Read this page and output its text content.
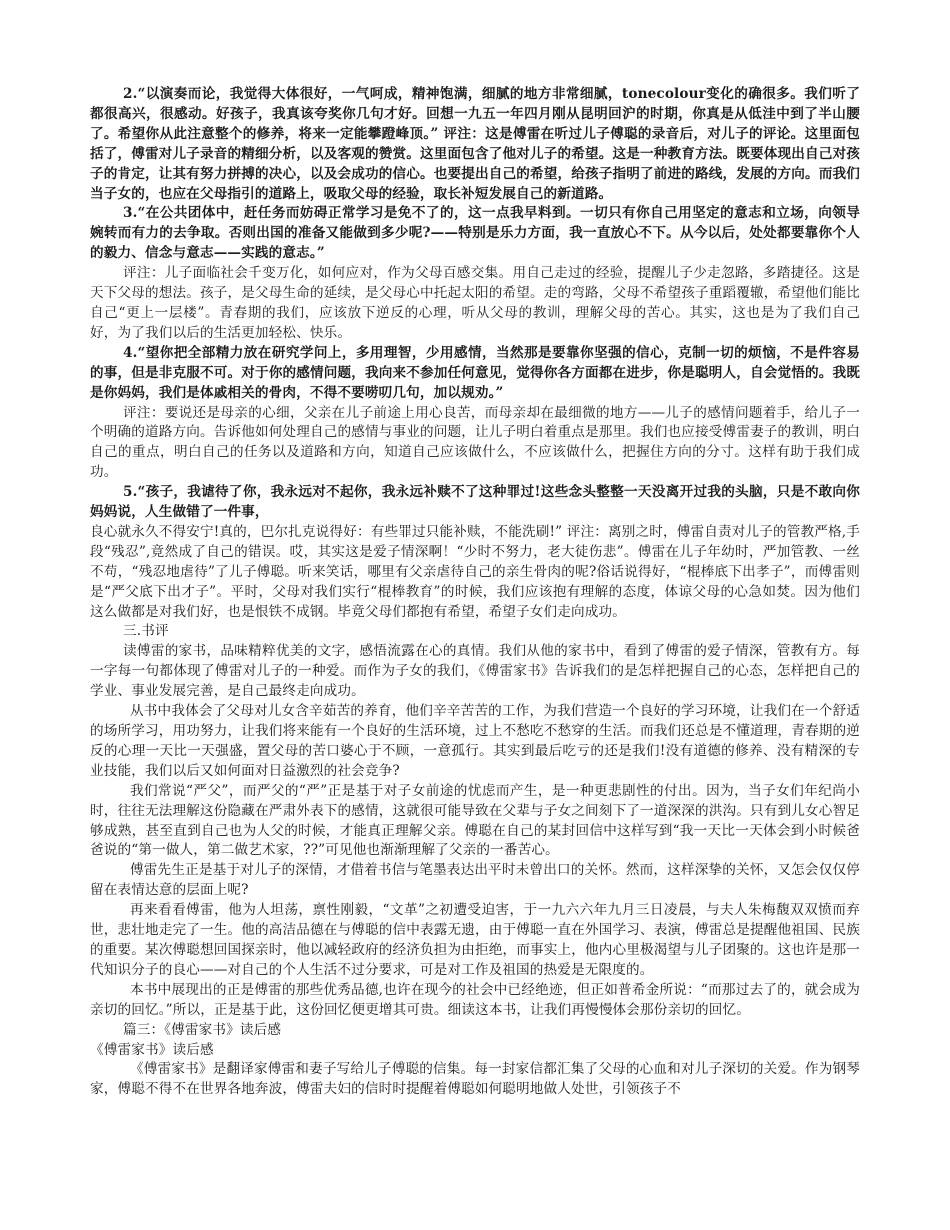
2.“以演奏而论，我觉得大体很好，一气呵成，精神饱满，细腻的地方非常细腻，tonecolour变化的确很多。我们听了都很高兴，很感动。好孩子，我真该夸奖你几句才好。回想一九五一年四月刚从昆明回沪的时期，你真是从低洼中到了半山腰了。希望你从此注意整个的修养，将来一定能攀蹬峰顶。” 评注：这是傅雷在听过儿子傅聪的录音后，对儿子的评论。这里面包括了，傅雷对儿子录音的精细分析，以及客观的赞赏。这里面包含了他对儿子的希望。这是一种教育方法。既要体现出自己对孩子的肯定，让其有努力拼搏的决心，以及会成功的信心。也要提出自己的希望，给孩子指明了前进的路线，发展的方向。而我们当子女的，也应在父母指引的道路上，吸取父母的经验，取长补短发展自己的新道路。

3.“在公共团体中，赶任务而妨碍正常学习是免不了的，这一点我早料到。一切只有你自己用坚定的意志和立场，向领导婉转而有力的去争取。否则出国的准备又能做到多少呢?——特别是乐力方面，我一直放心不下。从今以后，处处都要靠你个人的毅力、信念与意志——实践的意志。”

评注：儿子面临社会千变万化，如何应对，作为父母百感交集。用自己走过的经验，提醒儿子少走忽路，多踏捷径。这是天下父母的想法。孩子，是父母生命的延续，是父母心中托起太阳的希望。走的弯路，父母不希望孩子重蹈覆辙，希望他们能比自己“更上一层楼”。青春期的我们，应该放下逆反的心理，听从父母的教训，理解父母的苦心。其实，这也是为了我们自己好，为了我们以后的生活更加轻松、快乐。

4.“望你把全部精力放在研究学问上，多用理智，少用感情，当然那是要靠你坚强的信心，克制一切的烦恼，不是件容易的事，但是非克服不可。对于你的感情问题，我向来不参加任何意见，觉得你各方面都在进步，你是聪明人，自会觉悟的。我既是你妈妈，我们是体戚相关的骨肉，不得不要唠叨几句，加以规劝。”

评注：要说还是母亲的心细，父亲在儿子前途上用心良苦，而母亲却在最细微的地方——儿子的感情问题着手，给儿子一个明确的道路方向。告诉他如何处理自己的感情与事业的问题，让儿子明白着重点是那里。我们也应接受傅雷妻子的教训，明白自己的重点，明白自己的任务以及道路和方向，知道自己应该做什么，不应该做什么，把握住方向的分寸。这样有助于我们成功。

5.“孩子，我谑待了你，我永远对不起你，我永远补赎不了这种罪过!这些念头整整一天没离开过我的头脑，只是不敢向你妈妈说，人生做错了一件事，

良心就永久不得安宁!真的，巴尔扎克说得好：有些罪过只能补赎，不能洗刷!” 评注：离别之时，傅雷自责对儿子的管教严格,手段“残忍”,竟然成了自己的错误。哎，其实这是爱子情深啊！“少时不努力，老大徒伤悲”。傅雷在儿子年幼时，严加管教、一丝不苟，“残忍地虐待”了儿子傅聪。听来笑话，哪里有父亲虐待自己的亲生骨肉的呢?俗话说得好，“棍棒底下出孝子”，而傅雷则是“严父底下出才子”。平时，父母对我们实行“棍棒教育”的时候，我们应该抱有理解的态度，体谅父母的心急如焚。因为他们这么做都是对我们好，也是恨铁不成钢。毕竟父母们都抱有希望，希望子女们走向成功。

三.书评

读傅雷的家书，品味精粹优美的文字，感悟流露在心的真情。我们从他的家书中，看到了傅雷的爱子情深，管教有方。每一字每一句都体现了傅雷对儿子的一种爱。而作为子女的我们，《傅雷家书》告诉我们的是怎样把握自己的心态，怎样把自己的学业、事业发展完善，是自己最终走向成功。

从书中我体会了父母对儿女含辛茹苦的养育，他们辛辛苦苦的工作，为我们营造一个良好的学习环境，让我们在一个舒适的场所学习，用功努力，让我们将来能有一个良好的生活环境，过上不愁吃不愁穿的生活。而我们还总是不懂道理，青春期的逆反的心理一天比一天强盛，置父母的苦口婆心于不顾，一意孤行。其实到最后吃亏的还是我们!没有道德的修养、没有精深的专业技能，我们以后又如何面对日益激烈的社会竞争?

我们常说“严父”，而严父的“严”正是基于对子女前途的忧虑而产生，是一种更悲剧性的付出。因为，当子女们年纪尚小时，往往无法理解这份隐藏在严肃外表下的感情，这就很可能导致在父辈与子女之间刻下了一道深深的洪沟。只有到儿女心智足够成熟，甚至直到自己也为人父的时候，才能真正理解父亲。傅聪在自己的某封回信中这样写到“我一天比一天体会到小时候爸爸说的“第一做人，第二做艺术家，??”可见他也渐渐理解了父亲的一番苦心。

傅雷先生正是基于对儿子的深情，才借着书信与笔墨表达出平时未曾出口的关怀。然而，这样深挚的关怀，又怎会仅仅停留在表情达意的层面上呢?

再来看看傅雷，他为人坦荡，禀性刚毅，“文革”之初遭受迫害，于一九六六年九月三日凌晨，与夫人朱梅馥双双愤而弃世，悲壮地走完了一生。他的高洁品德在与傅聪的信中表露无遗，由于傅聪一直在外国学习、表演，傅雷总是提醒他祖国、民族的重要。某次傅聪想回国探亲时，他以减轻政府的经济负担为由拒绝，而事实上，他内心里极渴望与儿子团聚的。这也许是那一代知识分子的良心——对自己的个人生活不过分要求，可是对工作及祖国的热爱是无限度的。

本书中展现出的正是傅雷的那些优秀品德,也许在现今的社会中已经绝迹，但正如普希金所说：“而那过去了的，就会成为亲切的回忆。”所以，正是基于此，这份回忆便更增其可贵。细读这本书，让我们再慢慢体会那份亲切的回忆。

篇三：《傅雷家书》读后感

《傅雷家书》读后感

《傅雷家书》是翻译家傅雷和妻子写给儿子傅聪的信集。每一封家信都汇集了父母的心血和对儿子深切的关爱。作为钢琴家，傅聪不得不在世界各地奔波，傅雷夫妇的信时时提醒着傅聪如何聪明地做人处世，引领孩子不
